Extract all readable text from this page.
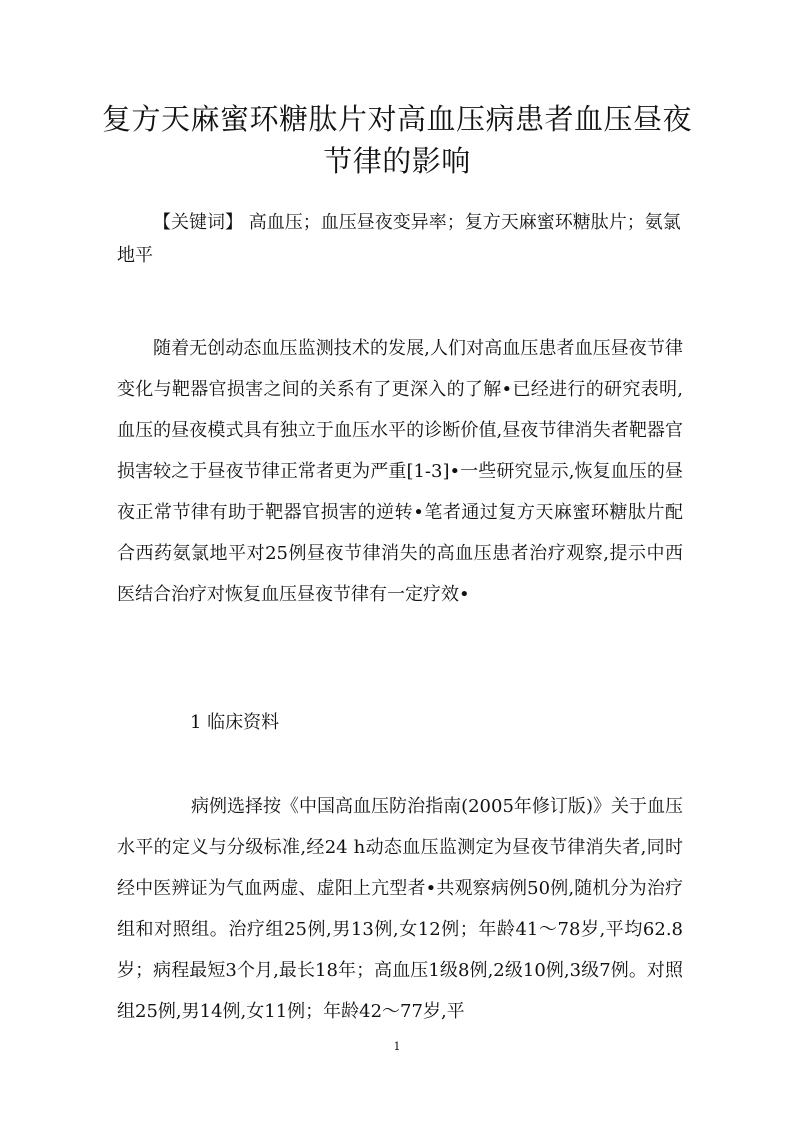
复方天麻蜜环糖肽片对高血压病患者血压昼夜节律的影响

【关键词】 高血压；血压昼夜变异率；复方天麻蜜环糖肽片；氨氯地平

随着无创动态血压监测技术的发展,人们对高血压患者血压昼夜节律变化与靶器官损害之间的关系有了更深入的了解•已经进行的研究表明,血压的昼夜模式具有独立于血压水平的诊断价值,昼夜节律消失者靶器官损害较之于昼夜节律正常者更为严重[1-3]•一些研究显示,恢复血压的昼夜正常节律有助于靶器官损害的逆转•笔者通过复方天麻蜜环糖肽片配合西药氨氯地平对25例昼夜节律消失的高血压患者治疗观察,提示中西医结合治疗对恢复血压昼夜节律有一定疗效•

1 临床资料

病例选择按《中国高血压防治指南(2005年修订版)》关于血压水平的定义与分级标准,经24 h动态血压监测定为昼夜节律消失者,同时经中医辨证为气血两虚、虚阳上亢型者•共观察病例50例,随机分为治疗组和对照组。治疗组25例,男13例,女12例；年龄41～78岁,平均62.8岁；病程最短3个月,最长18年；高血压1级8例,2级10例,3级7例。对照组25例,男14例,女11例；年龄42～77岁,平

1
